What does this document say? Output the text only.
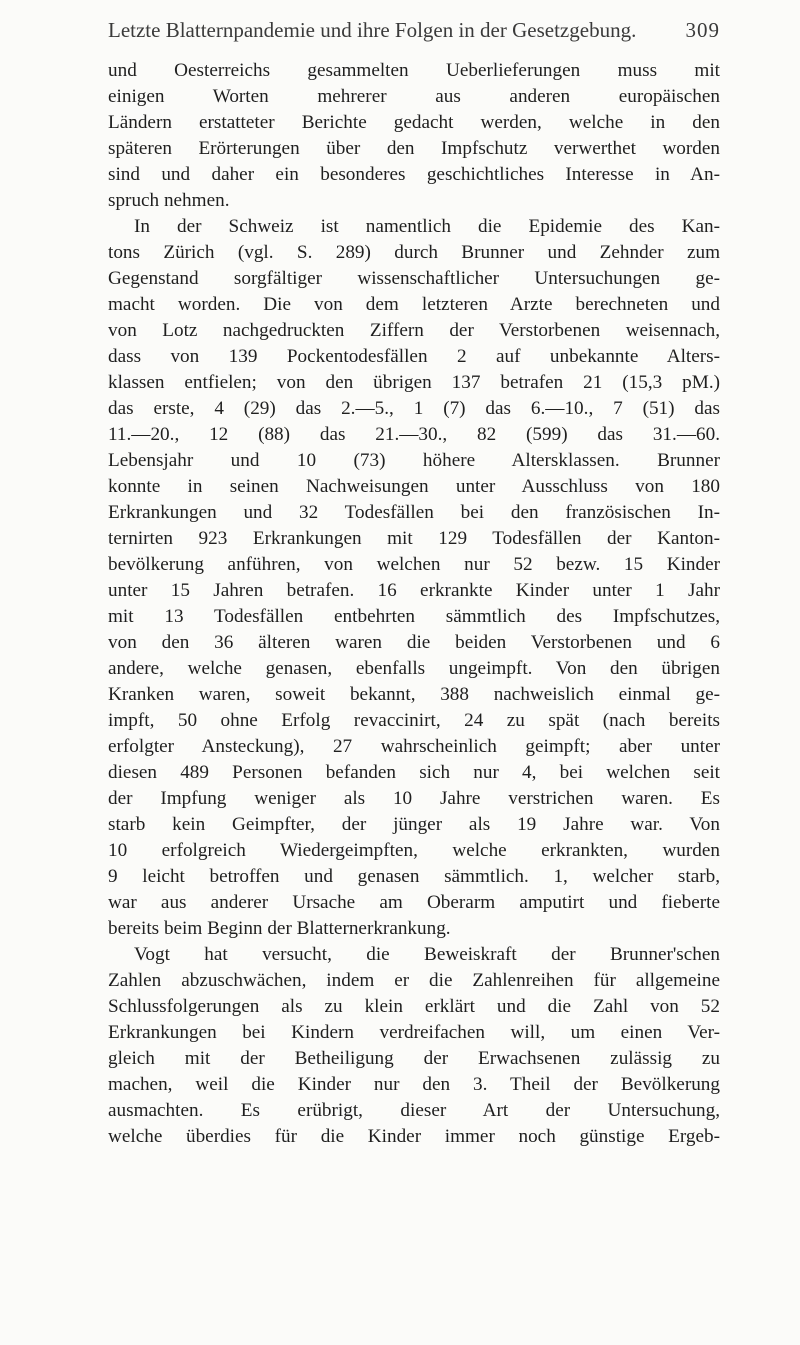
Letzte Blatternpandemie und ihre Folgen in der Gesetzgebung. 309
und Oesterreichs gesammelten Ueberlieferungen muss mit
einigen Worten mehrerer aus anderen europäischen
Ländern erstatteter Berichte gedacht werden, welche in den
späteren Erörterungen über den Impfschutz verwerthet worden
sind und daher ein besonderes geschichtliches Interesse in An-
spruch nehmen.
In der Schweiz ist namentlich die Epidemie des Kan-
tons Zürich (vgl. S. 289) durch Brunner und Zehnder zum
Gegenstand sorgfältiger wissenschaftlicher Untersuchungen ge-
macht worden. Die von dem letzteren Arzte berechneten und
von Lotz nachgedruckten Ziffern der Verstorbenen weisennach,
dass von 139 Pockentodesfällen 2 auf unbekannte Alters-
klassen entfielen; von den übrigen 137 betrafen 21 (15,3 pM.)
das erste, 4 (29) das 2.—5., 1 (7) das 6.—10., 7 (51) das
11.—20., 12 (88) das 21.—30., 82 (599) das 31.—60.
Lebensjahr und 10 (73) höhere Altersklassen. Brunner
konnte in seinen Nachweisungen unter Ausschluss von 180
Erkrankungen und 32 Todesfällen bei den französischen In-
ternirten 923 Erkrankungen mit 129 Todesfällen der Kanton-
bevölkerung anführen, von welchen nur 52 bezw. 15 Kinder
unter 15 Jahren betrafen. 16 erkrankte Kinder unter 1 Jahr
mit 13 Todesfällen entbehrten sämmtlich des Impfschutzes,
von den 36 älteren waren die beiden Verstorbenen und 6
andere, welche genasen, ebenfalls ungeimpft. Von den übrigen
Kranken waren, soweit bekannt, 388 nachweislich einmal ge-
impft, 50 ohne Erfolg revaccinirt, 24 zu spät (nach bereits
erfolgter Ansteckung), 27 wahrscheinlich geimpft; aber unter
diesen 489 Personen befanden sich nur 4, bei welchen seit
der Impfung weniger als 10 Jahre verstrichen waren. Es
starb kein Geimpfter, der jünger als 19 Jahre war. Von
10 erfolgreich Wiedergeimpften, welche erkrankten, wurden
9 leicht betroffen und genasen sämmtlich. 1, welcher starb,
war aus anderer Ursache am Oberarm amputirt und fieberte
bereits beim Beginn der Blatternerkrankung.
Vogt hat versucht, die Beweiskraft der Brunner'schen
Zahlen abzuschwächen, indem er die Zahlenreihen für allgemeine
Schlussfolgerungen als zu klein erklärt und die Zahl von 52
Erkrankungen bei Kindern verdreifachen will, um einen Ver-
gleich mit der Betheiligung der Erwachsenen zulässig zu
machen, weil die Kinder nur den 3. Theil der Bevölkerung
ausmachten. Es erübrigt, dieser Art der Untersuchung,
welche überdies für die Kinder immer noch günstige Ergeb-
